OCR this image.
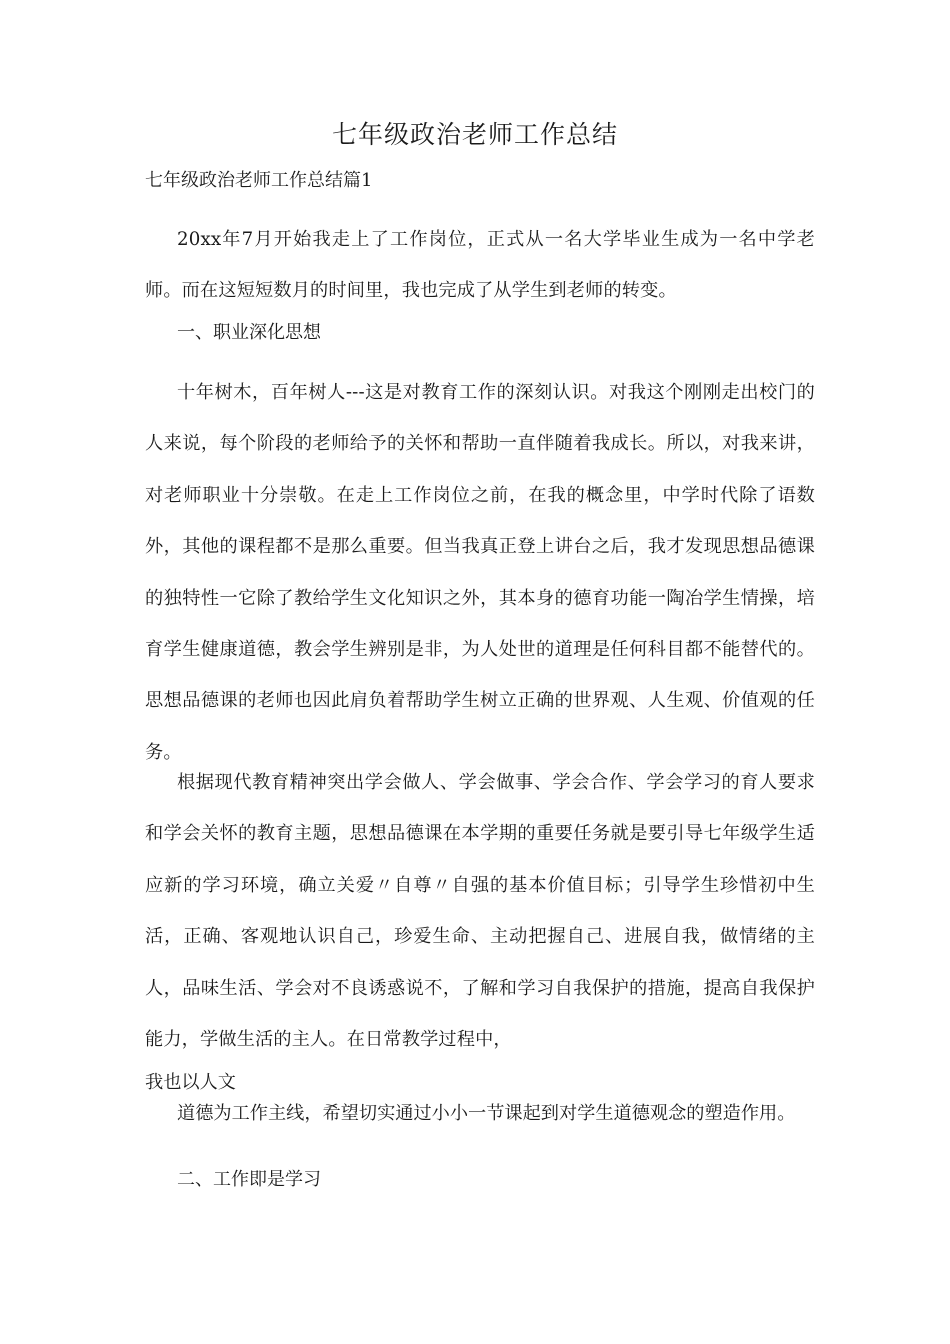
七年级政治老师工作总结
七年级政治老师工作总结篇1
20xx年7月开始我走上了工作岗位，正式从一名大学毕业生成为一名中学老师。而在这短短数月的时间里，我也完成了从学生到老师的转变。
一、职业深化思想
十年树木，百年树人---这是对教育工作的深刻认识。对我这个刚刚走出校门的人来说，每个阶段的老师给予的关怀和帮助一直伴随着我成长。所以，对我来讲，对老师职业十分崇敬。在走上工作岗位之前，在我的概念里，中学时代除了语数外，其他的课程都不是那么重要。但当我真正登上讲台之后，我才发现思想品德课的独特性一它除了教给学生文化知识之外，其本身的德育功能一陶冶学生情操，培育学生健康道德，教会学生辨别是非，为人处世的道理是任何科目都不能替代的。思想品德课的老师也因此肩负着帮助学生树立正确的世界观、人生观、价值观的任务。
根据现代教育精神突出学会做人、学会做事、学会合作、学会学习的育人要求和学会关怀的教育主题，思想品德课在本学期的重要任务就是要引导七年级学生适应新的学习环境，确立关爱〃自尊〃自强的基本价值目标；引导学生珍惜初中生活，正确、客观地认识自己，珍爱生命、主动把握自己、进展自我，做情绪的主人，品味生活、学会对不良诱惑说不，了解和学习自我保护的措施，提高自我保护能力，学做生活的主人。在日常教学过程中，
我也以人文
道德为工作主线，希望切实通过小小一节课起到对学生道德观念的塑造作用。
二、工作即是学习
